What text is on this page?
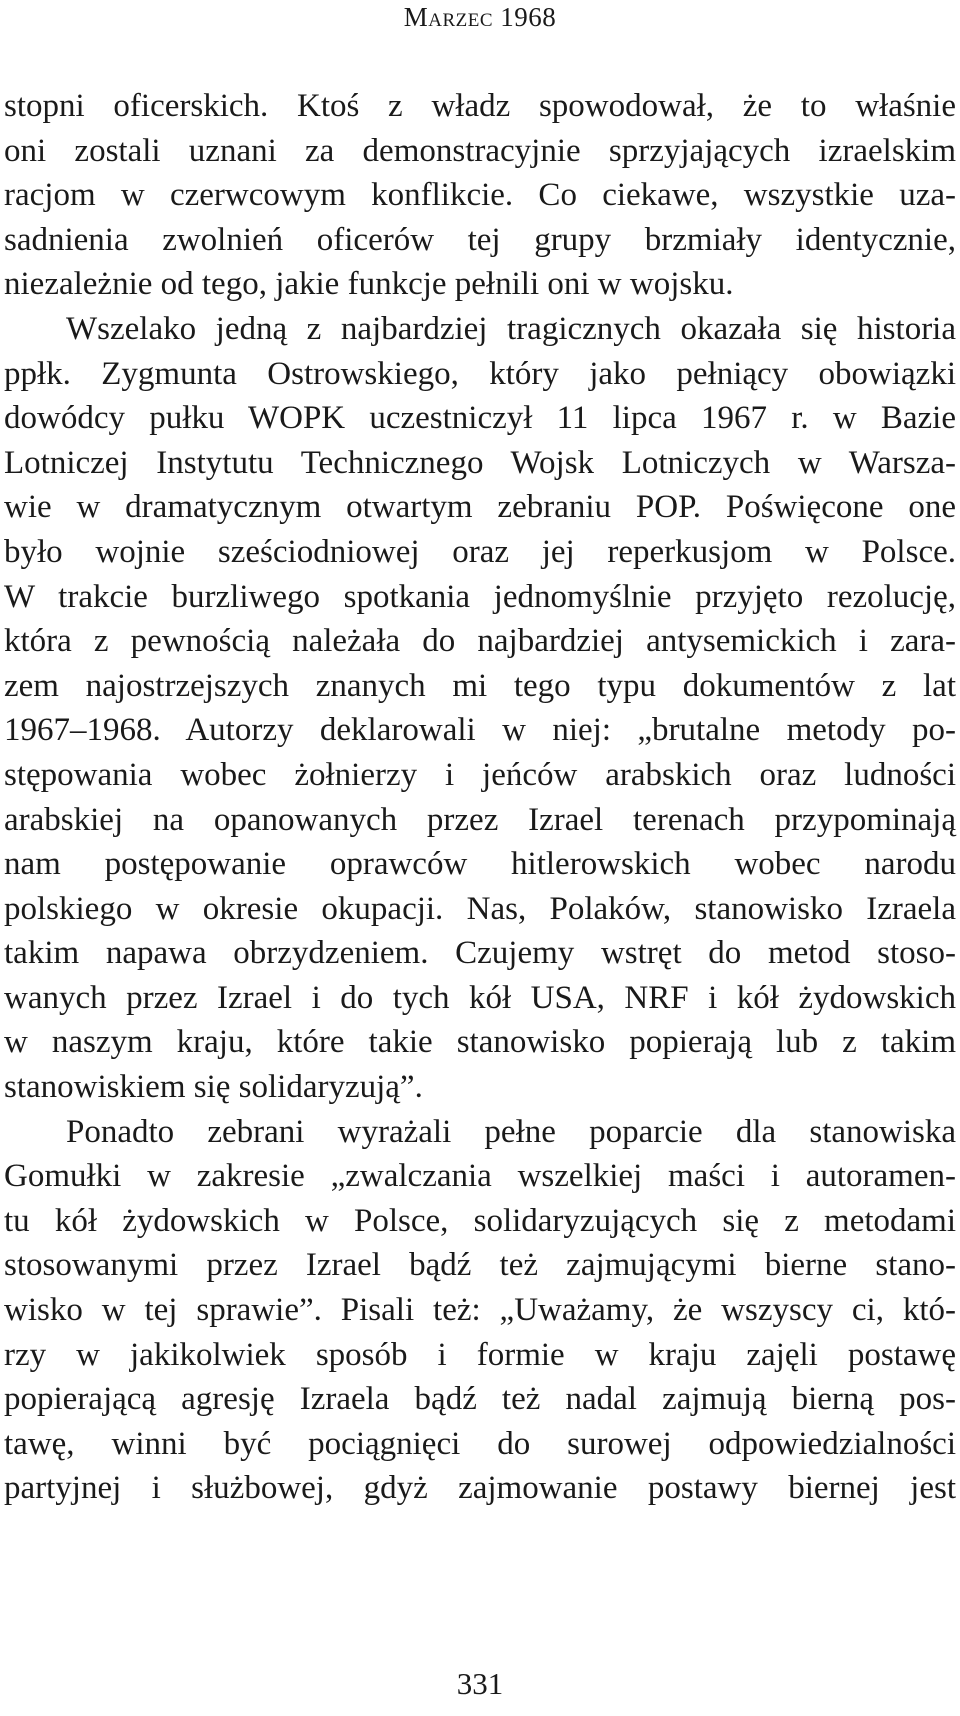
Marzec 1968
stopni oficerskich. Ktoś z władz spowodował, że to właśnie
oni zostali uznani za demonstracyjnie sprzyjających izraelskim
racjom w czerwcowym konflikcie. Co ciekawe, wszystkie uza-
sadnienia zwolnień oficerów tej grupy brzmiały identycznie,
niezależnie od tego, jakie funkcje pełnili oni w wojsku.
Wszelako jedną z najbardziej tragicznych okazała się historia
ppłk. Zygmunta Ostrowskiego, który jako pełniący obowiązki
dowódcy pułku WOPK uczestniczył 11 lipca 1967 r. w Bazie
Lotniczej Instytutu Technicznego Wojsk Lotniczych w Warsza-
wie w dramatycznym otwartym zebraniu POP. Poświęcone one
było wojnie sześciodniowej oraz jej reperkusjom w Polsce.
W trakcie burzliwego spotkania jednomyślnie przyjęto rezolucję,
która z pewnością należała do najbardziej antysemickich i zara-
zem najostrzejszych znanych mi tego typu dokumentów z lat
1967–1968. Autorzy deklarowali w niej: „brutalne metody po-
stępowania wobec żołnierzy i jeńców arabskich oraz ludności
arabskiej na opanowanych przez Izrael terenach przypominają
nam postępowanie oprawców hitlerowskich wobec narodu
polskiego w okresie okupacji. Nas, Polaków, stanowisko Izraela
takim napawa obrzydzeniem. Czujemy wstręt do metod stoso-
wanych przez Izrael i do tych kół USA, NRF i kół żydowskich
w naszym kraju, które takie stanowisko popierają lub z takim
stanowiskiem się solidaryzują”.
Ponadto zebrani wyrażali pełne poparcie dla stanowiska
Gomułki w zakresie „zwalczania wszelkiej maści i autoramen-
tu kół żydowskich w Polsce, solidaryzujących się z metodami
stosowanymi przez Izrael bądź też zajmującymi bierne stano-
wisko w tej sprawie”. Pisali też: „Uważamy, że wszyscy ci, któ-
rzy w jakikolwiek sposób i formie w kraju zajęli postawę
popierającą agresję Izraela bądź też nadal zajmują bierną pos-
tawę, winni być pociągnięci do surowej odpowiedzialności
partyjnej i służbowej, gdyż zajmowanie postawy biernej jest
331
